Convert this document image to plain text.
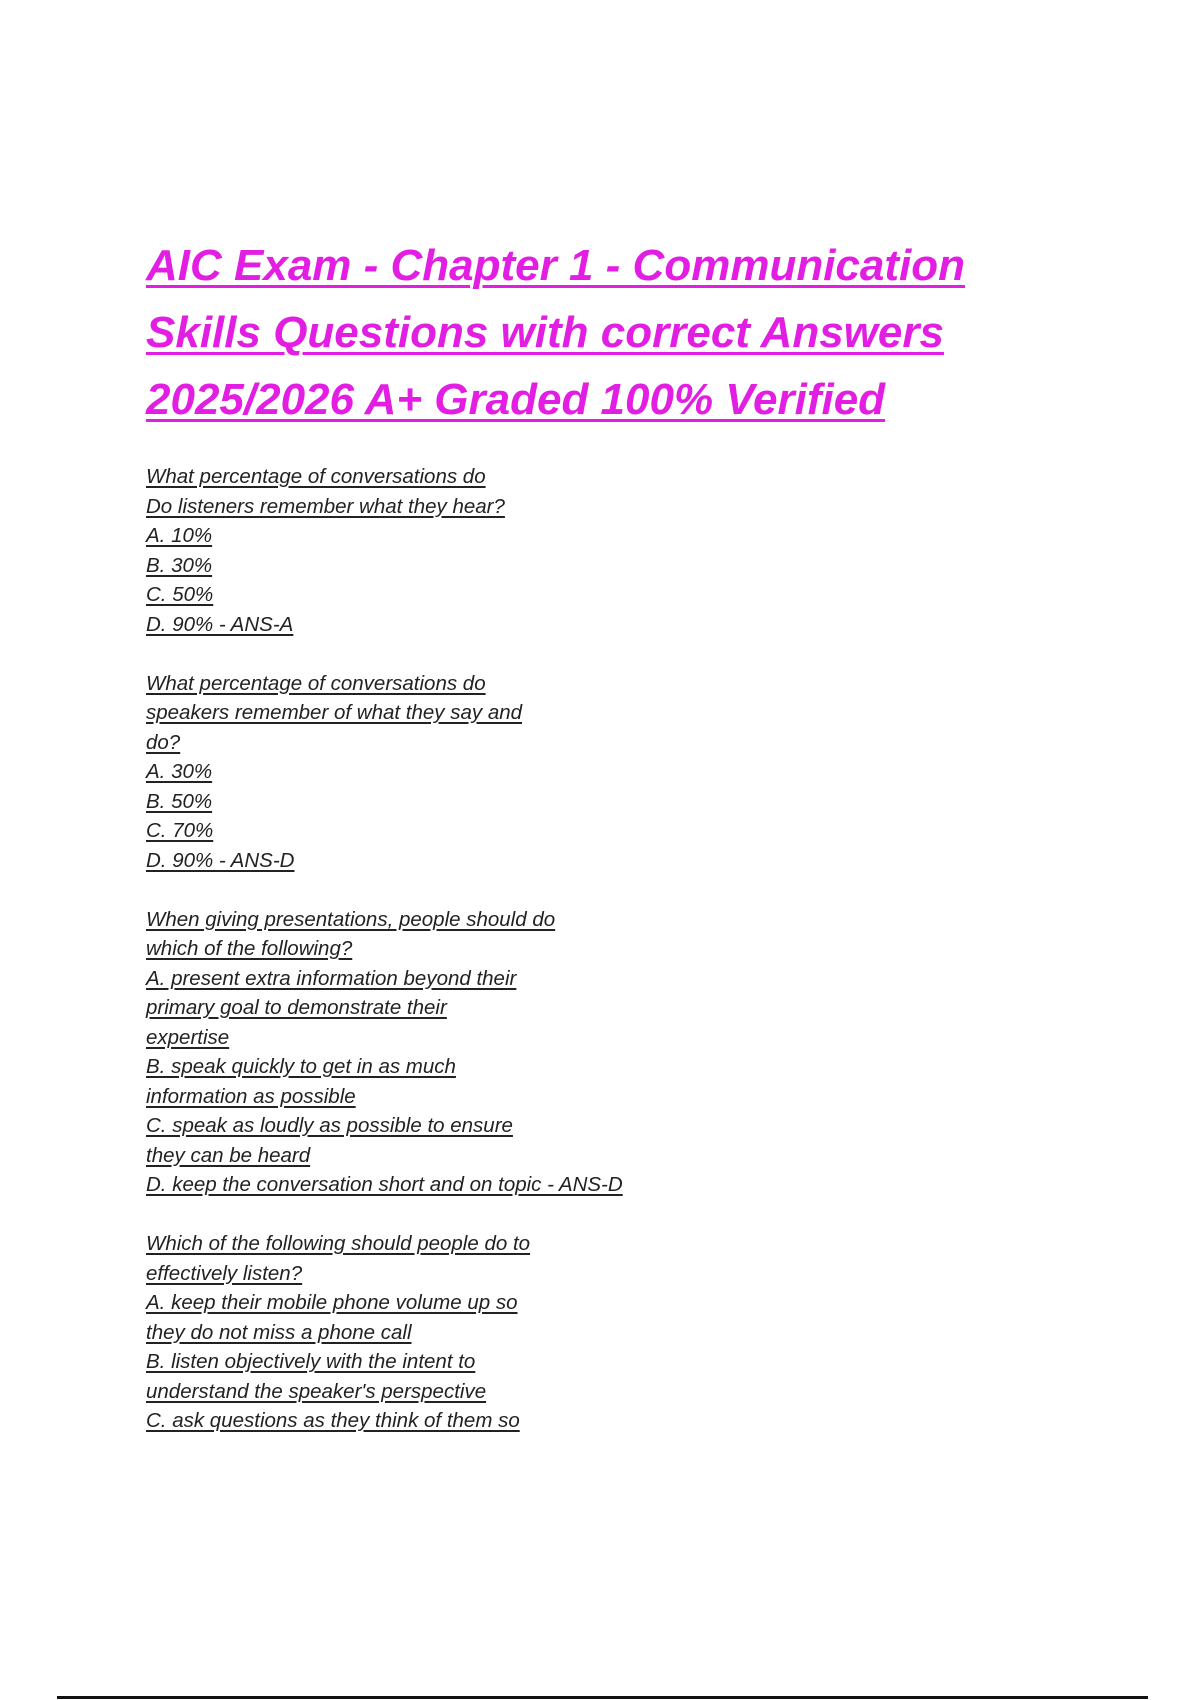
AIC Exam - Chapter 1 - Communication
Skills Questions with correct Answers
2025/2026 A+ Graded 100% Verified
What percentage of conversations do
Do listeners remember what they hear?
A. 10%
B. 30%
C. 50%
D. 90% - ANS-A
What percentage of conversations do
speakers remember of what they say and
do?
A. 30%
B. 50%
C. 70%
D. 90% - ANS-D
When giving presentations, people should do
which of the following?
A. present extra information beyond their
primary goal to demonstrate their
expertise
B. speak quickly to get in as much
information as possible
C. speak as loudly as possible to ensure
they can be heard
D. keep the conversation short and on topic - ANS-D
Which of the following should people do to
effectively listen?
A. keep their mobile phone volume up so
they do not miss a phone call
B. listen objectively with the intent to
understand the speaker's perspective
C. ask questions as they think of them so
